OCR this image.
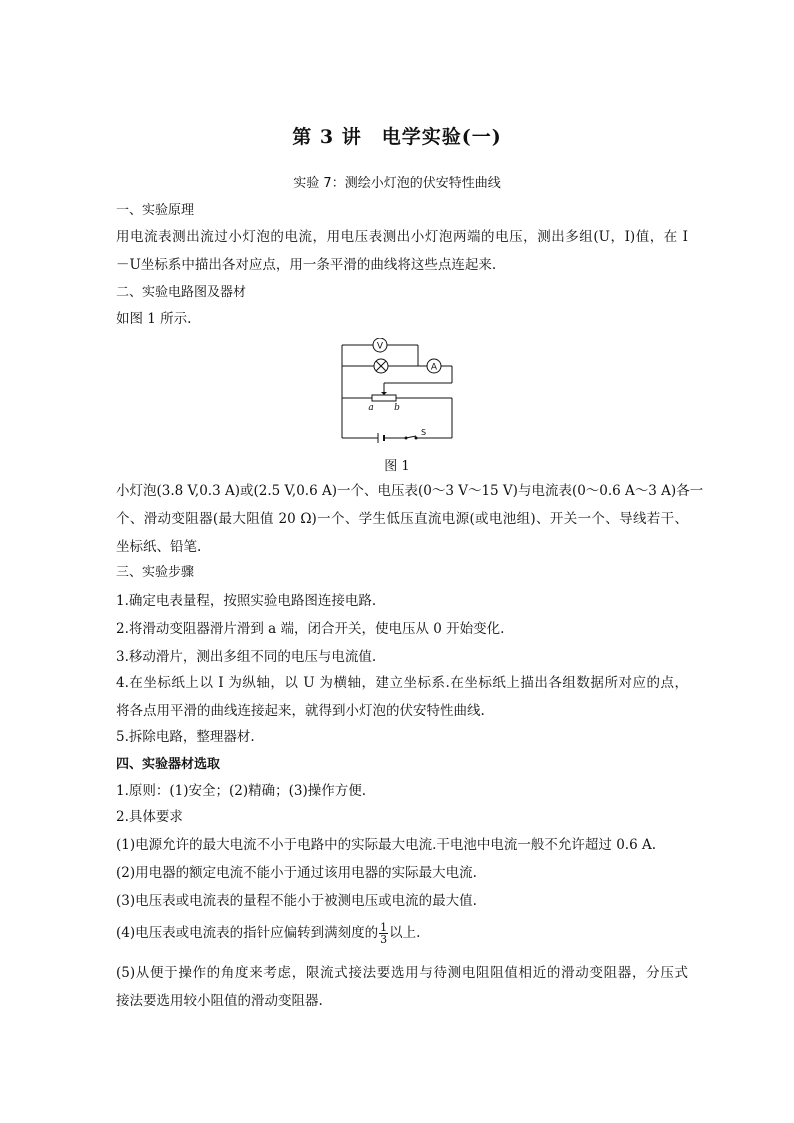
第 3 讲　电学实验(一)
实验 7：测绘小灯泡的伏安特性曲线
一、实验原理
用电流表测出流过小灯泡的电流，用电压表测出小灯泡两端的电压，测出多组(U，I)值，在 I
－U坐标系中描出各对应点，用一条平滑的曲线将这些点连起来.
二、实验电路图及器材
如图 1 所示.
V
A
a b
S
图 1
小灯泡(3.8 V,0.3 A)或(2.5 V,0.6 A)一个、电压表(0～3 V～15 V)与电流表(0～0.6 A～3 A)各一
个、滑动变阻器(最大阻值 20 Ω)一个、学生低压直流电源(或电池组)、开关一个、导线若干、
坐标纸、铅笔.
三、实验步骤
1.确定电表量程，按照实验电路图连接电路.
2.将滑动变阻器滑片滑到 a 端，闭合开关，使电压从 0 开始变化.
3.移动滑片，测出多组不同的电压与电流值.
4.在坐标纸上以 I 为纵轴，以 U 为横轴，建立坐标系.在坐标纸上描出各组数据所对应的点，
将各点用平滑的曲线连接起来，就得到小灯泡的伏安特性曲线.
5.拆除电路，整理器材.
四、实验器材选取
1.原则：(1)安全；(2)精确；(3)操作方便.
2.具体要求
(1)电源允许的最大电流不小于电路中的实际最大电流.干电池中电流一般不允许超过 0.6 A.
(2)用电器的额定电流不能小于通过该用电器的实际最大电流.
(3)电压表或电流表的量程不能小于被测电压或电流的最大值.
(4)电压表或电流表的指针应偏转到满刻度的 $\frac{1}{3}$ 以上.
(5)从便于操作的角度来考虑，限流式接法要选用与待测电阻阻值相近的滑动变阻器，分压式
接法要选用较小阻值的滑动变阻器.
